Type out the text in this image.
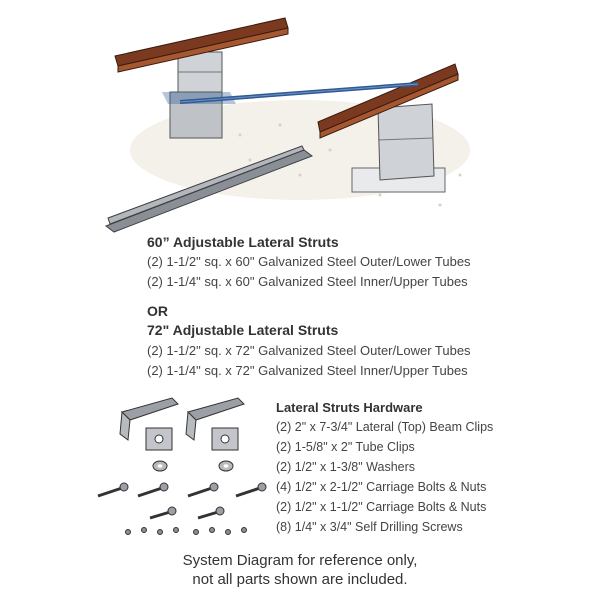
60” Adjustable Lateral Struts
(2) 1-1/2" sq. x 60" Galvanized Steel Outer/Lower Tubes
(2) 1-1/4" sq. x 60" Galvanized Steel Inner/Upper Tubes
OR
72" Adjustable Lateral Struts
(2) 1-1/2" sq. x 72" Galvanized Steel Outer/Lower Tubes
(2) 1-1/4" sq. x 72" Galvanized Steel Inner/Upper Tubes
Lateral Struts Hardware
(2) 2" x 7-3/4" Lateral (Top) Beam Clips
(2) 1-5/8" x 2" Tube Clips
(2) 1/2" x 1-3/8" Washers
(4) 1/2" x 2-1/2" Carriage Bolts & Nuts
(2) 1/2" x 1-1/2" Carriage Bolts & Nuts
(8) 1/4" x 3/4" Self Drilling Screws
System Diagram for reference only,
not all parts shown are included.
